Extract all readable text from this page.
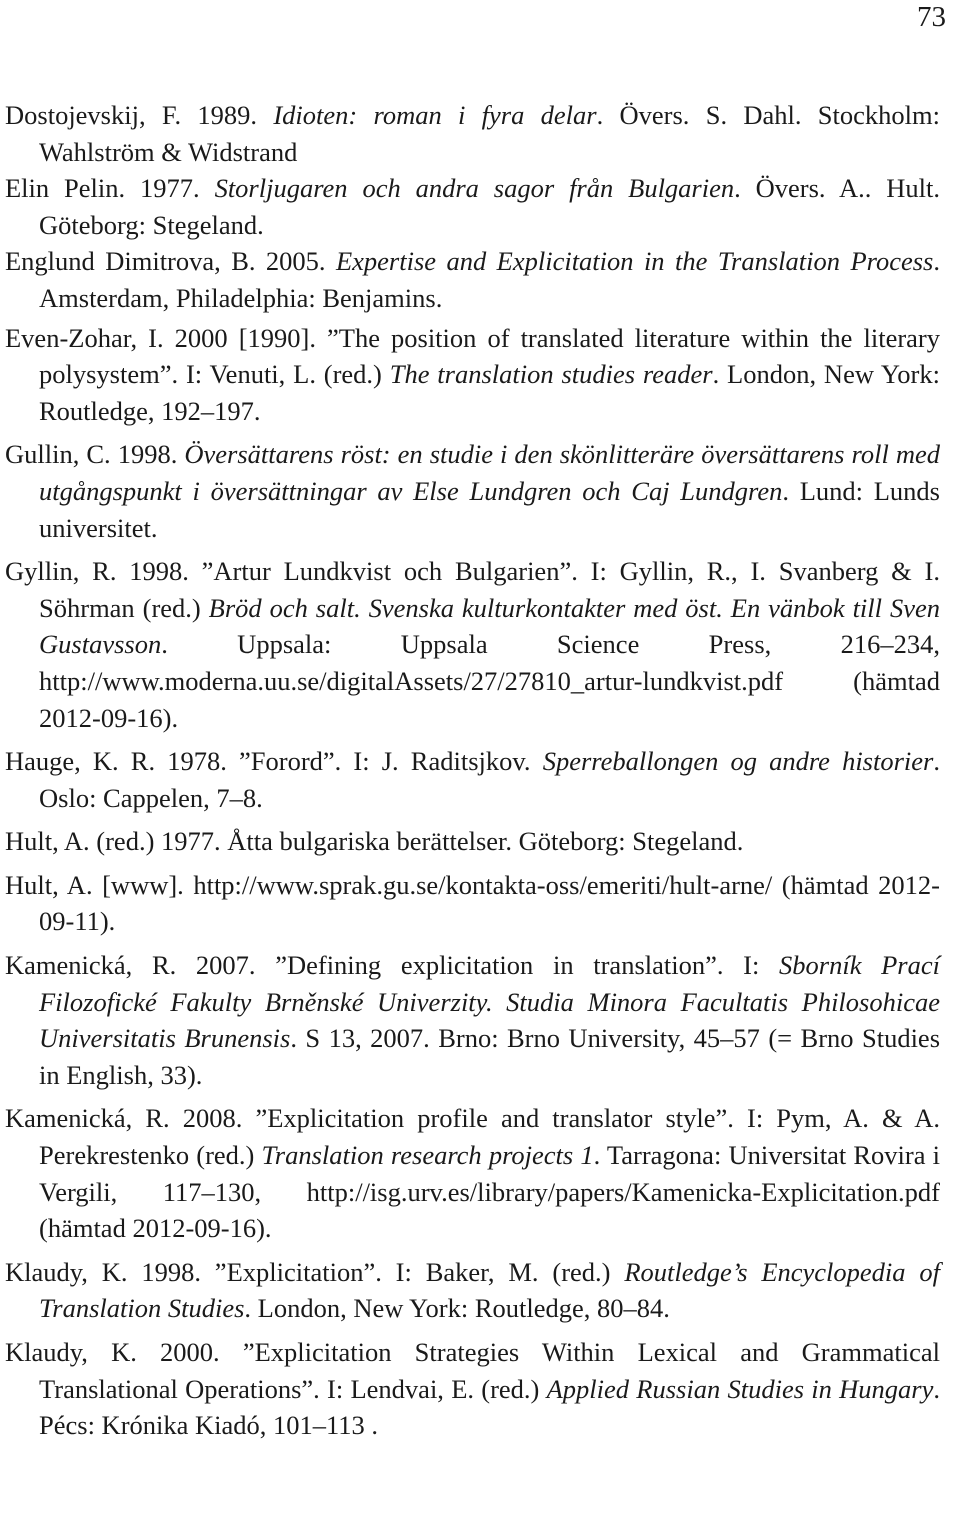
73

Dostojevskij, F. 1989. Idioten: roman i fyra delar. Övers. S. Dahl. Stockholm: Wahlström & Widstrand

Elin Pelin. 1977. Storljugaren och andra sagor från Bulgarien. Övers. A.. Hult. Göteborg: Stegeland.

Englund Dimitrova, B. 2005. Expertise and Explicitation in the Translation Process. Amsterdam, Philadelphia: Benjamins.

Even-Zohar, I. 2000 [1990]. ”The position of translated literature within the literary polysystem”. I: Venuti, L. (red.) The translation studies reader. London, New York: Routledge, 192‒197.

Gullin, C. 1998. Översättarens röst: en studie i den skönlitteräre översättarens roll med utgångspunkt i översättningar av Else Lundgren och Caj Lundgren. Lund: Lunds universitet.

Gyllin, R. 1998. ”Artur Lundkvist och Bulgarien”. I: Gyllin, R., I. Svanberg & I. Söhrman (red.) Bröd och salt. Svenska kulturkontakter med öst. En vänbok till Sven Gustavsson. Uppsala: Uppsala Science Press, 216‒234, http://www.moderna.uu.se/digitalAssets/27/27810_artur-lundkvist.pdf (hämtad 2012-09-16).

Hauge, K. R. 1978. ”Forord”. I: J. Raditsjkov. Sperreballongen og andre historier. Oslo: Cappelen, 7‒8.

Hult, A. (red.) 1977. Åtta bulgariska berättelser. Göteborg: Stegeland.

Hult, A. [www]. http://www.sprak.gu.se/kontakta-oss/emeriti/hult-arne/ (hämtad 2012-09-11).

Kamenická, R. 2007. ”Defining explicitation in translation”. I: Sborník Prací Filozofické Fakulty Brněnské Univerzity. Studia Minora Facultatis Philosohicae Universitatis Brunensis. S 13, 2007. Brno: Brno University, 45‒57 (= Brno Studies in English, 33).

Kamenická, R. 2008. ”Explicitation profile and translator style”. I: Pym, A. & A. Perekrestenko (red.) Translation research projects 1. Tarragona: Universitat Rovira i Vergili, 117‒130, http://isg.urv.es/library/papers/Kamenicka-Explicitation.pdf (hämtad 2012-09-16).

Klaudy, K. 1998. ”Explicitation”. I: Baker, M. (red.) Routledge’s Encyclopedia of Translation Studies. London, New York: Routledge, 80‒84.

Klaudy, K. 2000. ”Explicitation Strategies Within Lexical and Grammatical Translational Operations”. I: Lendvai, E. (red.) Applied Russian Studies in Hungary. Pécs: Krónika Kiadó, 101‒113 .
